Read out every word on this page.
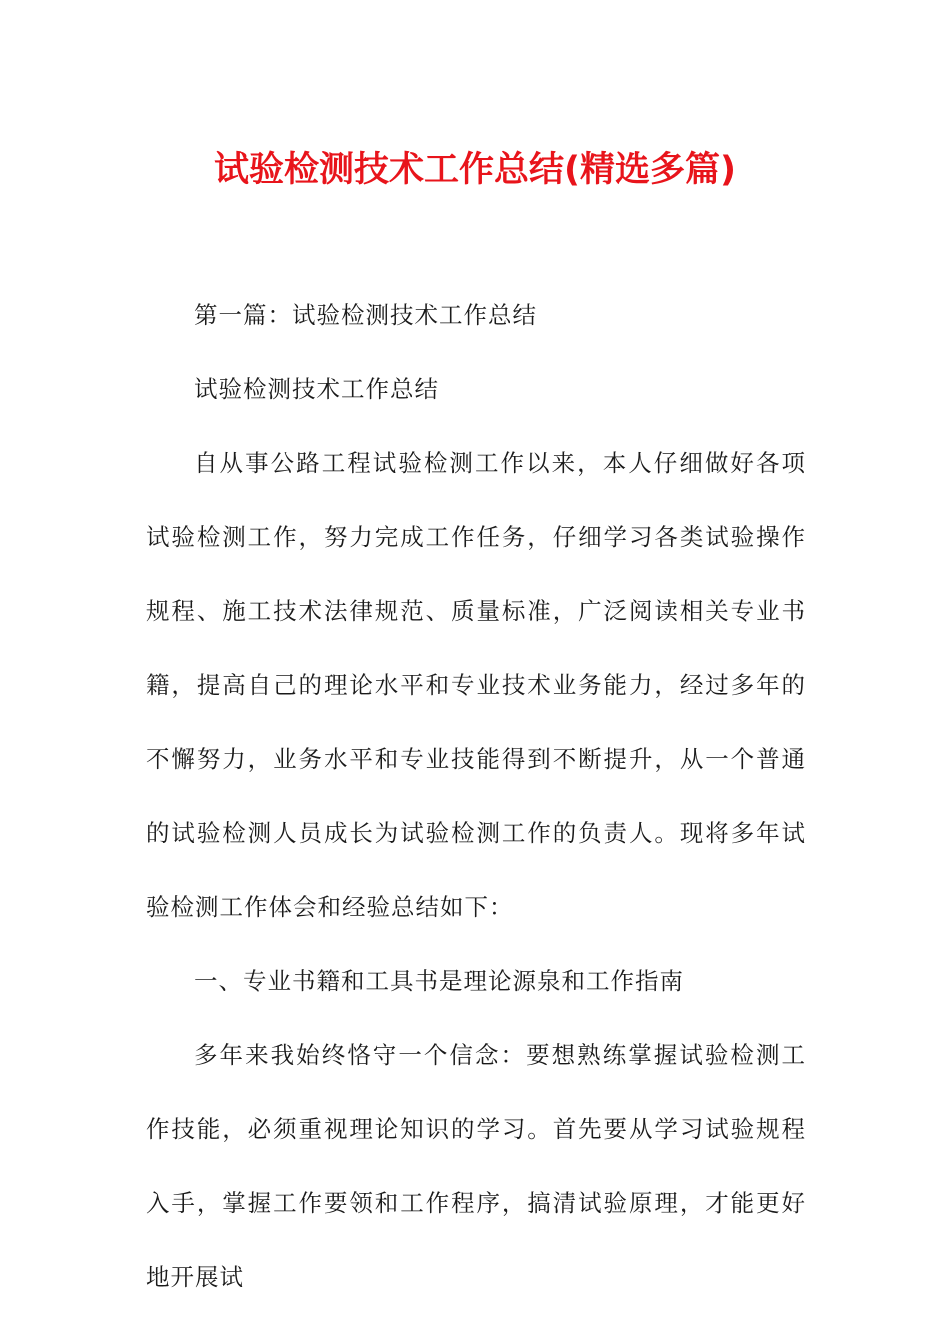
试验检测技术工作总结(精选多篇)

第一篇：试验检测技术工作总结

试验检测技术工作总结

自从事公路工程试验检测工作以来，本人仔细做好各项试验检测工作，努力完成工作任务，仔细学习各类试验操作规程、施工技术法律规范、质量标准，广泛阅读相关专业书籍，提高自己的理论水平和专业技术业务能力，经过多年的不懈努力，业务水平和专业技能得到不断提升，从一个普通的试验检测人员成长为试验检测工作的负责人。现将多年试验检测工作体会和经验总结如下：

一、专业书籍和工具书是理论源泉和工作指南

多年来我始终恪守一个信念：要想熟练掌握试验检测工作技能，必须重视理论知识的学习。首先要从学习试验规程入手，掌握工作要领和工作程序，搞清试验原理，才能更好地开展试
